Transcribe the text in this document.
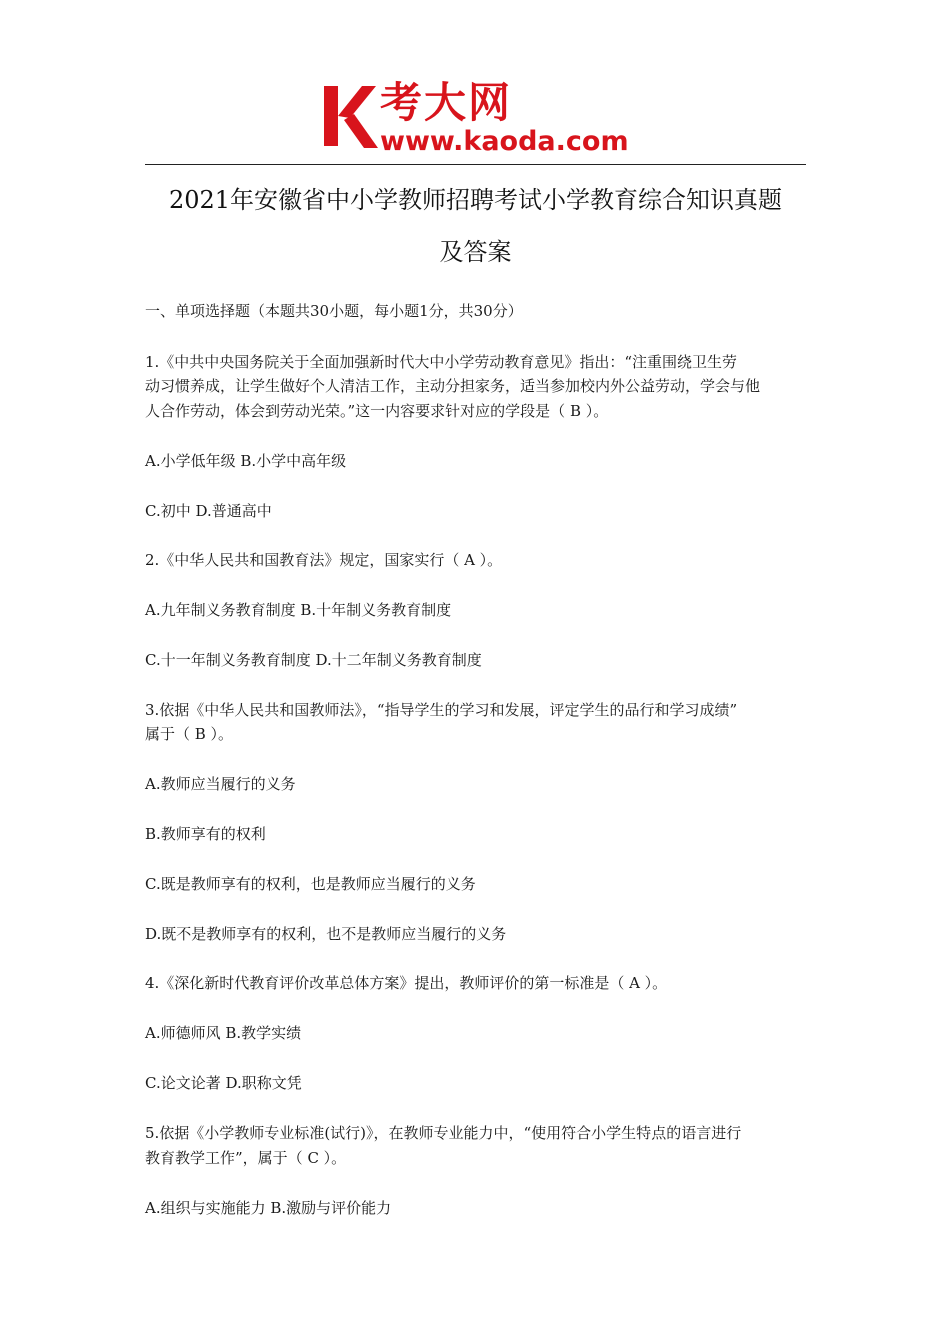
考大网
www.kaoda.com
2021年安徽省中小学教师招聘考试小学教育综合知识真题
及答案
一、单项选择题（本题共30小题，每小题1分，共30分）
1.《中共中央国务院关于全面加强新时代大中小学劳动教育意见》指出：“注重围绕卫生劳
动习惯养成，让学生做好个人清洁工作，主动分担家务，适当参加校内外公益劳动，学会与他
人合作劳动，体会到劳动光荣。”这一内容要求针对应的学段是（ B ）。
A.小学低年级 B.小学中高年级
C.初中 D.普通高中
2.《中华人民共和国教育法》规定，国家实行（ A ）。
A.九年制义务教育制度 B.十年制义务教育制度
C.十一年制义务教育制度 D.十二年制义务教育制度
3.依据《中华人民共和国教师法》，“指导学生的学习和发展，评定学生的品行和学习成绩”
属于（ B ）。
A.教师应当履行的义务
B.教师享有的权利
C.既是教师享有的权利，也是教师应当履行的义务
D.既不是教师享有的权利，也不是教师应当履行的义务
4.《深化新时代教育评价改革总体方案》提出，教师评价的第一标准是（ A ）。
A.师德师风 B.教学实绩
C.论文论著 D.职称文凭
5.依据《小学教师专业标准(试行)》，在教师专业能力中，“使用符合小学生特点的语言进行
教育教学工作”，属于（ C ）。
A.组织与实施能力 B.激励与评价能力
